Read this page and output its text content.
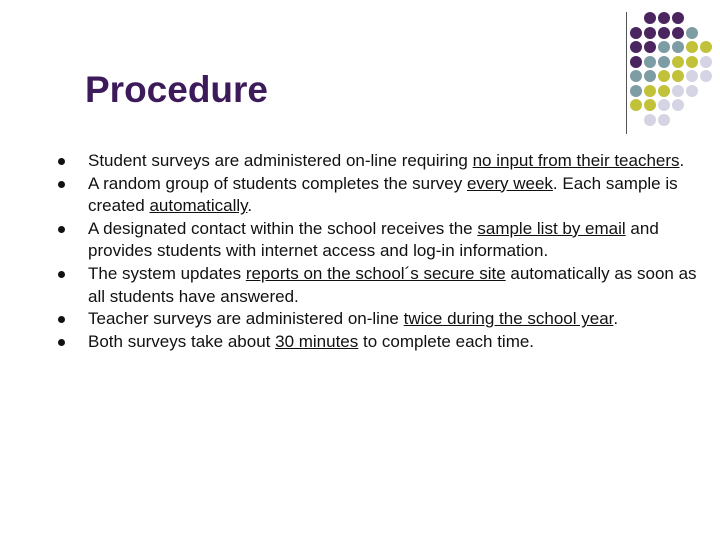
Procedure
Student surveys are administered on-line requiring no input from their teachers.
A random group of students completes the survey every week. Each sample is created automatically.
A designated contact within the school receives the sample list by email and provides students with internet access and log-in information.
The system updates reports on the school´s secure site automatically as soon as all students have answered.
Teacher surveys are administered on-line twice during the school year.
Both surveys take about 30 minutes to complete each time.
